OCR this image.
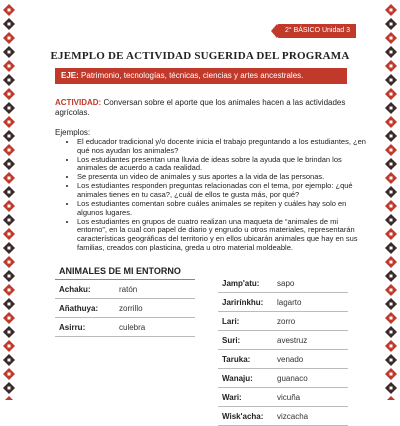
2° BÁSICO Unidad 3
EJEMPLO DE ACTIVIDAD SUGERIDA DEL PROGRAMA
EJE: Patrimonio, tecnologías, técnicas, ciencias y artes ancestrales.
ACTIVIDAD: Conversan sobre el aporte que los animales hacen a las actividades agrícolas.
Ejemplos:
• El educador tradicional y/o docente inicia el trabajo preguntando a los estudiantes, ¿en qué nos ayudan los animales?
• Los estudiantes presentan una lluvia de ideas sobre la ayuda que le brindan los animales de acuerdo a cada realidad.
• Se presenta un video de animales y sus aportes a la vida de las personas.
• Los estudiantes responden preguntas relacionadas con el tema, por ejemplo: ¿qué animales tienes en tu casa?, ¿cuál de ellos te gusta más, por qué?
• Los estudiantes comentan sobre cuáles animales se repiten y cuáles hay solo en algunos lugares.
• Los estudiantes en grupos de cuatro realizan una maqueta de “animales de mi entorno”, en la cual con papel de diario y engrudo u otros materiales, representarán características geográficas del territorio y en ellos ubicarán animales que hay en sus familias, creados con plasticina, greda u otro material moldeable.
ANIMALES DE MI ENTORNO
Achaku:	ratón
Añathuya:	zorrillo
Asirru:	culebra
Jamp'atu:	sapo
Jarirínkhu:	lagarto
Lari:	zorro
Suri:	avestruz
Taruka:	venado
Wanaju:	guanaco
Wari:	vicuña
Wisk'acha:	vizcacha
